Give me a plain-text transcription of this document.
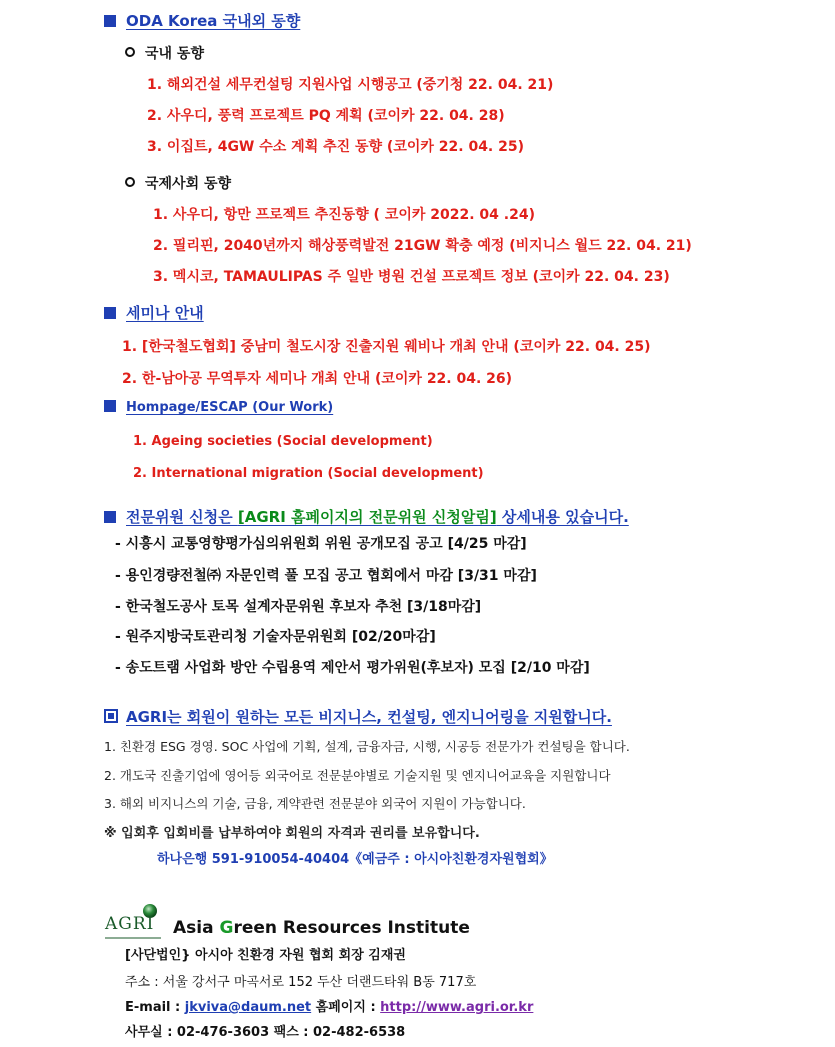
ODA Korea 국내외 동향
국내 동향
1. 해외건설 세무컨설팅 지원사업 시행공고 (중기청 22. 04. 21)
2. 사우디, 풍력 프로젝트 PQ 계획 (코이카 22. 04. 28)
3. 이집트, 4GW 수소 계획 추진 동향 (코이카 22. 04. 25)
국제사회 동향
1. 사우디, 항만 프로젝트 추진동향 ( 코이카 2022. 04 .24)
2. 필리핀, 2040년까지 해상풍력발전 21GW 확충 예정 (비지니스 월드 22. 04. 21)
3. 멕시코, TAMAULIPAS 주 일반 병원 건설 프로젝트 정보 (코이카 22. 04. 23)
세미나 안내
1. [한국철도협회] 중남미 철도시장 진출지원 웨비나 개최 안내 (코이카 22. 04. 25)
2. 한-남아공 무역투자 세미나 개최 안내 (코이카 22. 04. 26)
Hompage/ESCAP (Our Work)
1. Ageing societies (Social development)
2. International migration (Social development)
전문위원 신청은 [AGRI 홈페이지의 전문위원 신청알림] 상세내용 있습니다.
- 시흥시 교통영향평가심의위원회 위원 공개모집 공고 [4/25 마감]
- 용인경량전철㈜ 자문인력 풀 모집 공고 협회에서 마감 [3/31 마감]
- 한국철도공사 토목 설계자문위원 후보자 추천 [3/18마감]
- 원주지방국토관리청 기술자문위원회 [02/20마감]
- 송도트램 사업화 방안 수립용역 제안서 평가위원(후보자) 모집 [2/10 마감]
AGRI는 회원이 원하는 모든 비지니스, 컨설팅, 엔지니어링을 지원합니다.
1. 친환경 ESG 경영. SOC 사업에 기획, 설계, 금융자금, 시행, 시공등 전문가가 컨설팅을 합니다.
2. 개도국 진출기업에 영어등 외국어로 전문분야별로 기술지원 및 엔지니어교육을 지원합니다
3. 해외 비지니스의 기술, 금융, 계약관련 전문분야 외국어 지원이 가능합니다.
※ 입회후 입회비를 납부하여야 회원의 자격과 권리를 보유합니다.
하나은행 591-910054-40404《예금주 : 아시아친환경자원협회》
AGRI Asia Green Resources Institute
[사단법인} 아시아 친환경 자원 협회 회장 김재권
주소 : 서울 강서구 마곡서로 152 두산 더랜드타워 B동 717호
E-mail : jkviva@daum.net 홈페이지 : http://www.agri.or.kr
사무실 : 02-476-3603 팩스 : 02-482-6538
